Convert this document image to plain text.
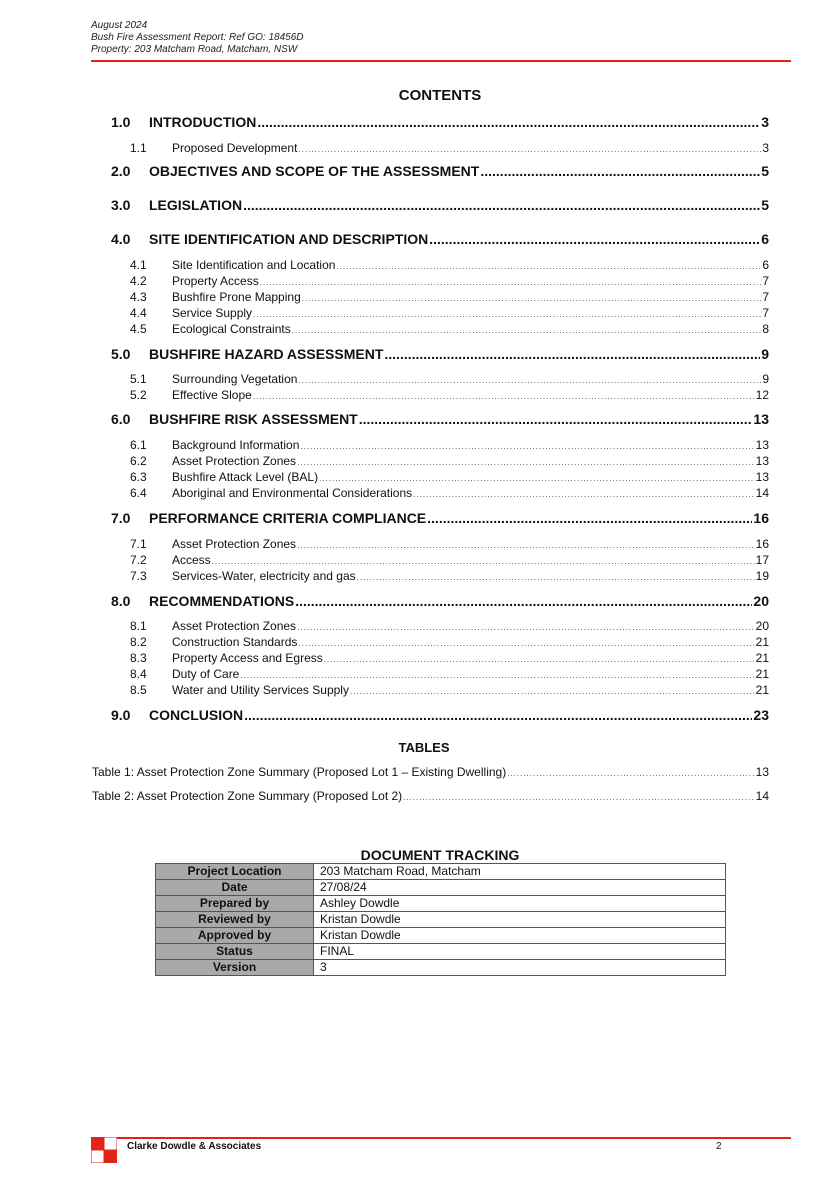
August 2024
Bush Fire Assessment Report: Ref GO: 18456D
Property: 203 Matcham Road, Matcham, NSW
CONTENTS
1.0	INTRODUCTION .....	3
1.1	Proposed Development .....	3
2.0	OBJECTIVES AND SCOPE OF THE ASSESSMENT .....	5
3.0	LEGISLATION .....	5
4.0	SITE IDENTIFICATION AND DESCRIPTION .....	6
4.1	Site Identification and Location .....	6
4.2	Property Access .....	7
4.3	Bushfire Prone Mapping .....	7
4.4	Service Supply .....	7
4.5	Ecological Constraints .....	8
5.0	BUSHFIRE HAZARD ASSESSMENT .....	9
5.1	Surrounding Vegetation .....	9
5.2	Effective Slope .....	12
6.0	BUSHFIRE RISK ASSESSMENT .....	13
6.1	Background Information .....	13
6.2	Asset Protection Zones .....	13
6.3	Bushfire Attack Level (BAL) .....	13
6.4	Aboriginal and Environmental Considerations .....	14
7.0	PERFORMANCE CRITERIA COMPLIANCE .....	16
7.1	Asset Protection Zones .....	16
7.2	Access .....	17
7.3	Services-Water, electricity and gas .....	19
8.0	RECOMMENDATIONS .....	20
8.1	Asset Protection Zones .....	20
8.2	Construction Standards .....	21
8.3	Property Access and Egress .....	21
8.4	Duty of Care .....	21
8.5	Water and Utility Services Supply .....	21
9.0	CONCLUSION .....	23
TABLES
Table 1: Asset Protection Zone Summary (Proposed Lot 1 – Existing Dwelling) .....	13
Table 2: Asset Protection Zone Summary (Proposed Lot 2) .....	14
DOCUMENT TRACKING
Project Location	203 Matcham Road, Matcham
Date	27/08/24
Prepared by	Ashley Dowdle
Reviewed by	Kristan Dowdle
Approved by	Kristan Dowdle
Status	FINAL
Version	3
Clarke Dowdle & Associates	2
